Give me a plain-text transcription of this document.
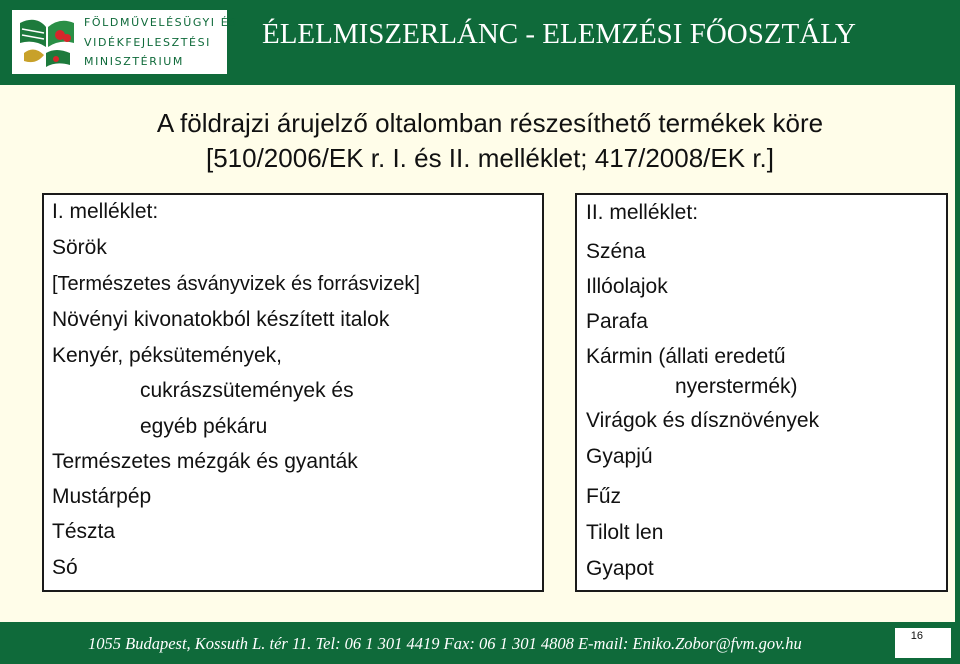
FÖLDMŰVELÉSÜGYI ÉS
VIDÉKFEJLESZTÉSI
MINISZTÉRIUM
ÉLELMISZERLÁNC - ELEMZÉSI FŐOSZTÁLY
A földrajzi árujelző oltalomban részesíthető termékek köre
[510/2006/EK r. I. és II. melléklet; 417/2008/EK r.]
I. melléklet:
Sörök
[Természetes ásványvizek és forrásvizek]
Növényi kivonatokból készített italok
Kenyér, péksütemények,
cukrászsütemények és
egyéb pékáru
Természetes mézgák és gyanták
Mustárpép
Tészta
Só
II. melléklet:
Széna
Illóolajok
Parafa
Kármin (állati eredetű
nyerstermék)
Virágok és dísznövények
Gyapjú
Fűz
Tilolt len
Gyapot
1055 Budapest, Kossuth L. tér 11. Tel: 06 1 301 4419 Fax: 06 1 301 4808 E-mail: Eniko.Zobor@fvm.gov.hu	16
